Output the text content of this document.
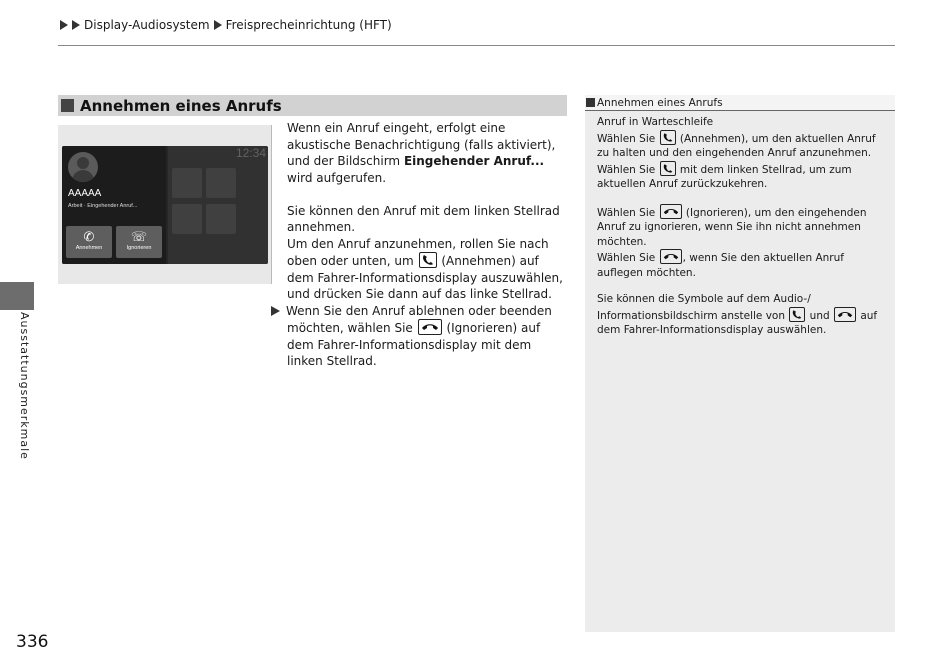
Display-Audiosystem Freisprecheinrichtung (HFT)
Ausstattungsmerkmale
336
Annehmen eines Anrufs
AAAAA
Arbeit · Eingehender Anruf...
✆
Annehmen
☏
Ignorieren
12:34

Wenn ein Anruf eingeht, erfolgt eine akustische Benachrichtigung (falls aktiviert), und der Bildschirm Eingehender Anruf... wird aufgerufen.

Sie können den Anruf mit dem linken Stellrad annehmen.
Um den Anruf anzunehmen, rollen Sie nach oben oder unten, um
(Annehmen) auf dem Fahrer-Informationsdisplay auszuwählen, und drücken Sie dann auf das linke Stellrad.

Wenn Sie den Anruf ablehnen oder beenden möchten, wählen Sie
(Ignorieren) auf dem Fahrer-Informationsdisplay mit dem linken Stellrad.

Annehmen eines Anrufs

Anruf in Warteschleife

Wählen Sie
(Annehmen), um den aktuellen Anruf zu halten und den eingehenden Anruf anzunehmen.

Wählen Sie
mit dem linken Stellrad, um zum aktuellen Anruf zurückzukehren.

Wählen Sie	(Ignorieren), um den eingehenden Anruf zu ignorieren, wenn Sie ihn nicht annehmen möchten.

Wählen Sie	, wenn Sie den aktuellen Anruf auflegen möchten.

Sie können die Symbole auf dem Audio-/ Informationsbildschirm anstelle von
und	auf dem Fahrer-Informationsdisplay auswählen.
